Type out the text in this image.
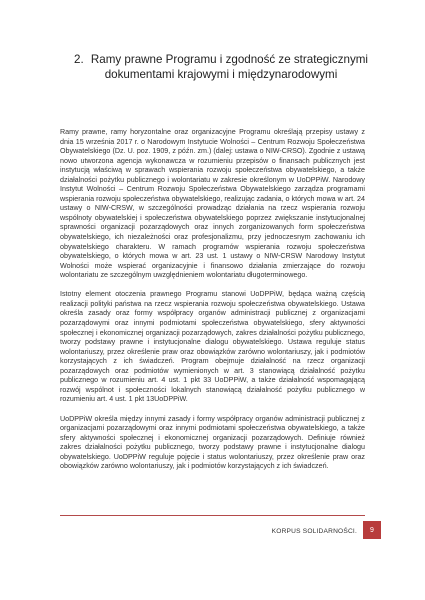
2. Ramy prawne Programu i zgodność ze strategicznymi dokumentami krajowymi i międzynarodowymi

Ramy prawne, ramy horyzontalne oraz organizacyjne Programu określają przepisy ustawy z dnia 15 września 2017 r. o Narodowym Instytucie Wolności – Centrum Rozwoju Społeczeństwa Obywatelskiego (Dz. U. poz. 1909, z późn. zm.) (dalej: ustawa o NIW-CRSO). Zgodnie z ustawą nowo utworzona agencja wykonawcza w rozumieniu przepisów o finansach publicznych jest instytucją właściwą w sprawach wspierania rozwoju społeczeństwa obywatelskiego, a także działalności pożytku publicznego i wolontariatu w zakresie określonym w UoDPPiW. Narodowy Instytut Wolności – Centrum Rozwoju Społeczeństwa Obywatelskiego zarządza programami wspierania rozwoju społeczeństwa obywatelskiego, realizując zadania, o których mowa w art. 24 ustawy o NIW-CRSW, w szczególności prowadząc działania na rzecz wspierania rozwoju wspólnoty obywatelskiej i społeczeństwa obywatelskiego poprzez zwiększanie instytucjonalnej sprawności organizacji pozarządowych oraz innych zorganizowanych form społeczeństwa obywatelskiego, ich niezależności oraz profesjonalizmu, przy jednoczesnym zachowaniu ich obywatelskiego charakteru. W ramach programów wspierania rozwoju społeczeństwa obywatelskiego, o których mowa w art. 23 ust. 1 ustawy o NIW-CRSW Narodowy Instytut Wolności może wspierać organizacyjnie i finansowo działania zmierzające do rozwoju wolontariatu ze szczególnym uwzględnieniem wolontariatu długoterminowego.

Istotny element otoczenia prawnego Programu stanowi UoDPPiW, będąca ważną częścią realizacji polityki państwa na rzecz wspierania rozwoju społeczeństwa obywatelskiego. Ustawa określa zasady oraz formy współpracy organów administracji publicznej z organizacjami pozarządowymi oraz innymi podmiotami społeczeństwa obywatelskiego, sfery aktywności społecznej i ekonomicznej organizacji pozarządowych, zakres działalności pożytku publicznego, tworzy podstawy prawne i instytucjonalne dialogu obywatelskiego. Ustawa reguluje status wolontariuszy, przez określenie praw oraz obowiązków zarówno wolontariuszy, jak i podmiotów korzystających z ich świadczeń. Program obejmuje działalność na rzecz organizacji pozarządowych oraz podmiotów wymienionych w art. 3 stanowiącą działalność pożytku publicznego w rozumieniu art. 4 ust. 1 pkt 33 UoDPPiW, a także działalność wspomagającą rozwój wspólnot i społeczności lokalnych stanowiącą działalność pożytku publicznego w rozumieniu art. 4 ust. 1 pkt 13UoDPPiW.

UoDPPiW określa między innymi zasady i formy współpracy organów administracji publicznej z organizacjami pozarządowymi oraz innymi podmiotami społeczeństwa obywatelskiego, a także sfery aktywności społecznej i ekonomicznej organizacji pozarządowych. Definiuje również zakres działalności pożytku publicznego, tworzy podstawy prawne i instytucjonalne dialogu obywatelskiego. UoDPPiW reguluje pojęcie i status wolontariuszy, przez określenie praw oraz obowiązków zarówno wolontariuszy, jak i podmiotów korzystających z ich świadczeń.

KORPUS SOLIDARNOŚCI.	9
